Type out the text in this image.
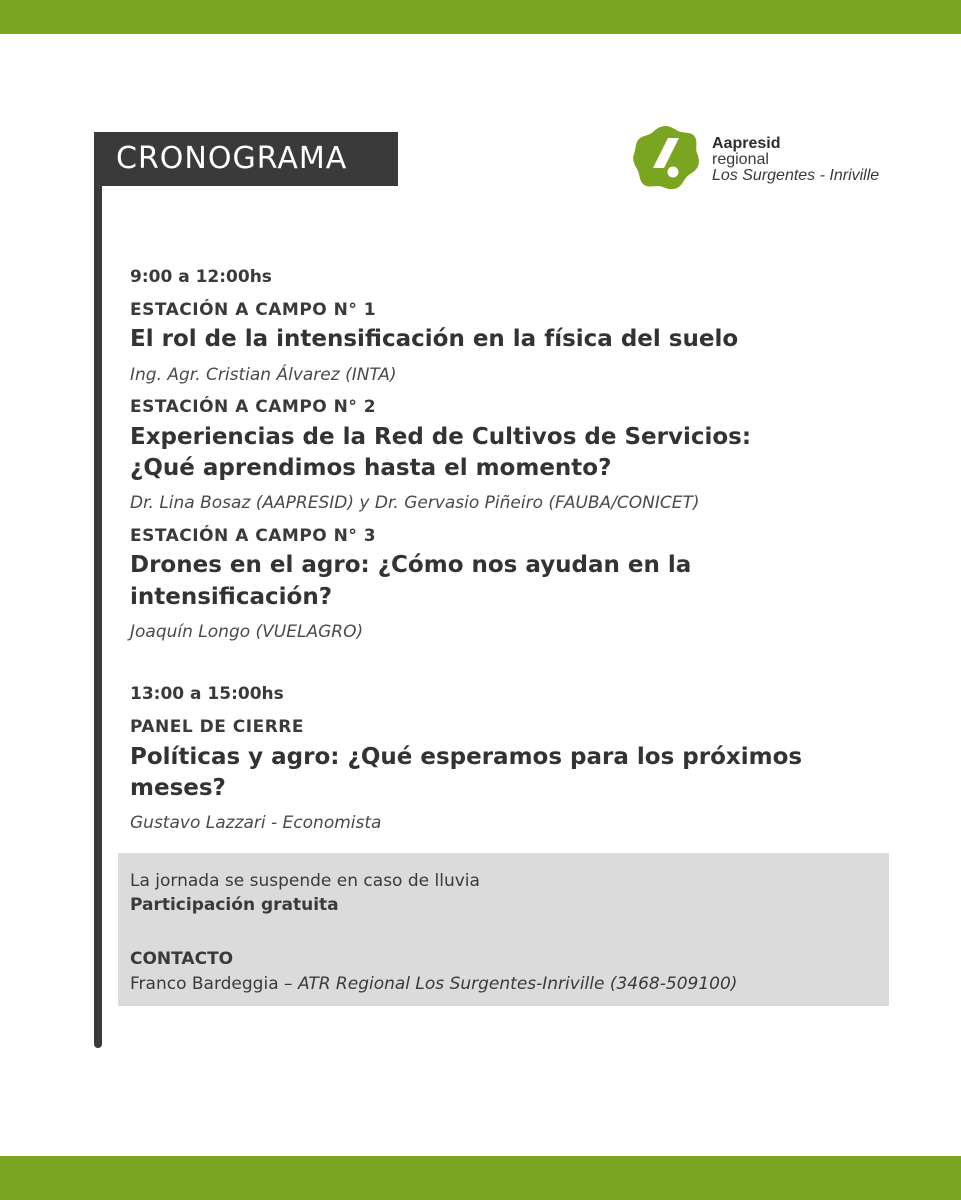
CRONOGRAMA	Aapresid
regional
Los Surgentes - Inriville
9:00 a 12:00hs
ESTACIÓN A CAMPO N° 1
El rol de la intensificación en la física del suelo
Ing. Agr. Cristian Álvarez (INTA)
ESTACIÓN A CAMPO N° 2
Experiencias de la Red de Cultivos de Servicios:
¿Qué aprendimos hasta el momento?
Dr. Lina Bosaz (AAPRESID) y Dr. Gervasio Piñeiro (FAUBA/CONICET)
ESTACIÓN A CAMPO N° 3
Drones en el agro: ¿Cómo nos ayudan en la
intensificación?
Joaquín Longo (VUELAGRO)
13:00 a 15:00hs
PANEL DE CIERRE
Políticas y agro: ¿Qué esperamos para los próximos
meses?
Gustavo Lazzari - Economista
La jornada se suspende en caso de lluvia
Participación gratuita
CONTACTO
Franco Bardeggia – ATR Regional Los Surgentes-Inriville (3468-509100)
